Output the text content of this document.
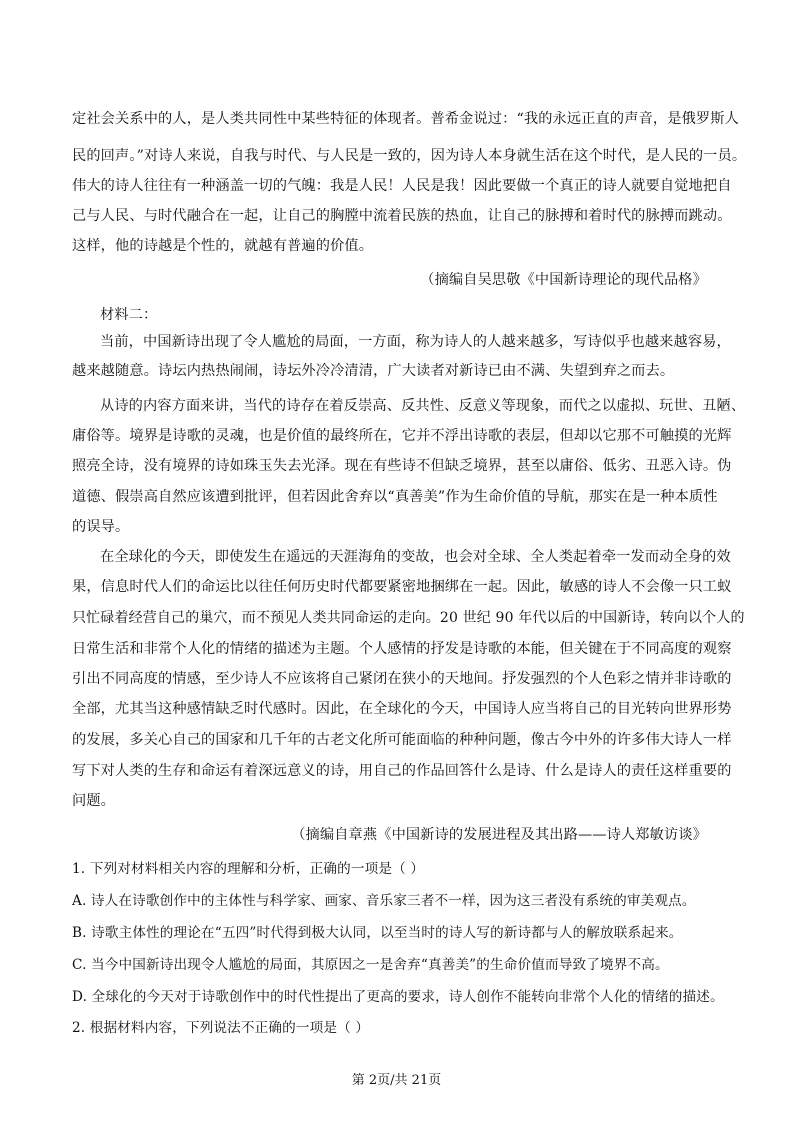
定社会关系中的人，是人类共同性中某些特征的体现者。普希金说过：“我的永远正直的声音，是俄罗斯人
民的回声。”对诗人来说，自我与时代、与人民是一致的，因为诗人本身就生活在这个时代，是人民的一员。
伟大的诗人往往有一种涵盖一切的气魄：我是人民！人民是我！因此要做一个真正的诗人就要自觉地把自
己与人民、与时代融合在一起，让自己的胸膛中流着民族的热血，让自己的脉搏和着时代的脉搏而跳动。
这样，他的诗越是个性的，就越有普遍的价值。
（摘编自吴思敬《中国新诗理论的现代品格》
材料二：
当前，中国新诗出现了令人尴尬的局面，一方面，称为诗人的人越来越多，写诗似乎也越来越容易，
越来越随意。诗坛内热热闹闹，诗坛外冷冷清清，广大读者对新诗已由不满、失望到弃之而去。
从诗的内容方面来讲，当代的诗存在着反崇高、反共性、反意义等现象，而代之以虚拟、玩世、丑陋、
庸俗等。境界是诗歌的灵魂，也是价值的最终所在，它并不浮出诗歌的表层，但却以它那不可触摸的光辉
照亮全诗，没有境界的诗如珠玉失去光泽。现在有些诗不但缺乏境界，甚至以庸俗、低劣、丑恶入诗。伪
道德、假崇高自然应该遭到批评，但若因此舍弃以“真善美”作为生命价值的导航，那实在是一种本质性
的误导。
在全球化的今天，即使发生在遥远的天涯海角的变故，也会对全球、全人类起着牵一发而动全身的效
果，信息时代人们的命运比以往任何历史时代都要紧密地捆绑在一起。因此，敏感的诗人不会像一只工蚁
只忙碌着经营自己的巢穴，而不预见人类共同命运的走向。20 世纪 90 年代以后的中国新诗，转向以个人的
日常生活和非常个人化的情绪的描述为主题。个人感情的抒发是诗歌的本能，但关键在于不同高度的观察
引出不同高度的情感，至少诗人不应该将自己紧闭在狭小的天地间。抒发强烈的个人色彩之情并非诗歌的
全部，尤其当这种感情缺乏时代感时。因此，在全球化的今天，中国诗人应当将自己的目光转向世界形势
的发展，多关心自己的国家和几千年的古老文化所可能面临的种种问题，像古今中外的许多伟大诗人一样
写下对人类的生存和命运有着深远意义的诗，用自己的作品回答什么是诗、什么是诗人的责任这样重要的
问题。
（摘编自章燕《中国新诗的发展进程及其出路——诗人郑敏访谈》
1. 下列对材料相关内容的理解和分析，正确的一项是（ ）
A. 诗人在诗歌创作中的主体性与科学家、画家、音乐家三者不一样，因为这三者没有系统的审美观点。
B. 诗歌主体性的理论在“五四”时代得到极大认同，以至当时的诗人写的新诗都与人的解放联系起来。
C. 当今中国新诗出现令人尴尬的局面，其原因之一是舍弃“真善美”的生命价值而导致了境界不高。
D. 全球化的今天对于诗歌创作中的时代性提出了更高的要求，诗人创作不能转向非常个人化的情绪的描述。
2. 根据材料内容，下列说法不正确的一项是（ ）
第 2页/共 21页
